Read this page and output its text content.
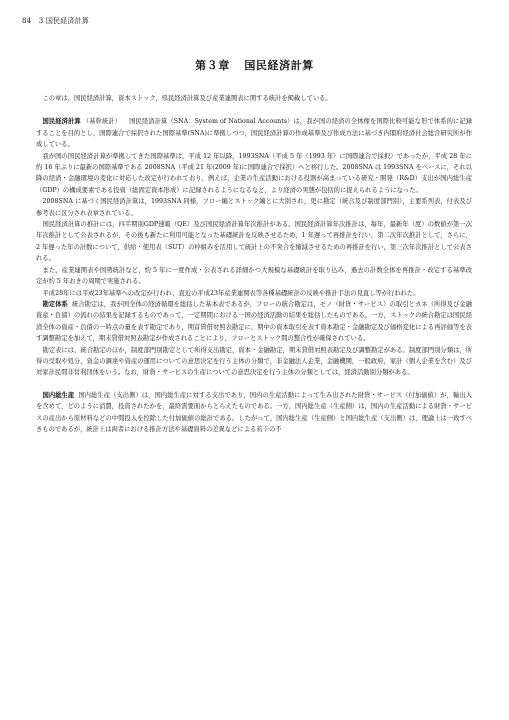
84 3 国民経済計算
第３章 国民経済計算

この章は，国民経済計算，資本ストック，県民経済計算及び産業連関表に関する統計を掲載している。

国民経済計算 （基幹統計） 国民経済計算（SNA：System of National Accounts）は，我が国の経済の全体像を国際比較可能な形で体系的に記録することを目的とし，国際連合で採択された国際基準(SNA)に準拠しつつ，国民経済計算の作成基準及び作成方法に基づき内閣府経済社会総合研究所が作成している。

我が国の国民経済計算が準拠してきた国際基準は，平成 12 年以降，1993SNA（平成 5 年（1993 年）に国際連合で採択）であったが，平成 28 年に約 16 年ぶりに最新の国際基準である 2008SNA（平成 21 年(2009 年)に国際連合で採択）へと移行した。2008SNA は 1993SNA をベースに，それ以降の経済・金融環境の変化に対応した改定が行われており，例えば，企業の生産活動における役割が高まっている研究・開発（R&D）支出が国内総生産（GDP）の構成要素である投資（総固定資本形成）に記録されるようになるなど，より経済の実態が包括的に捉えられるようになった。

2008SNA に基づく国民経済計算は，1993SNA 同様，フロー編とストック編とに大別され，更に勘定（統合及び制度部門別），主要系列表，付表及び参考表に区分され表章されている。

国民経済計算の推計には，四半期別GDP速報（QE）及び国民経済計算年次推計がある。国民経済計算年次推計は，毎年，最新年（度）の数値が第一次年次推計として公表されるが，その後も新たに利用可能となった基礎統計を反映させるため，1 年遅って再推計を行い，第二次年次推計として，さらに，2 年遅った年の計数について，供給・使用表（SUT）の枠組みを活用して統計上の不突合を縮減させるための再推計を行い，第三次年次推計として公表される。

また，産業連関表や国勢統計など，約 5 年に一度作成・公表される詳細かつ大規模な基礎統計を取り込み，過去の計数全体を再推計・改定する基準改定が約 5 年おきの周期で実施される。

平成28年には平成23年基準への改定が行われ，直近の平成23年産業連関表等各種基礎統計の反映や推計手法の見直し等が行われた。

勘定体系 統合勘定は，我が国全体の経済循環を総括した基本表であるが，フローの統合勘定は，モノ（財貨・サービス）の取引とカネ（所得及び金融資産・負債）の流れの結果を記録するものであって，一定期間における一国の経済活動の結果を総括したものである。一方，ストックの統合勘定は国民経済全体の資産・負債の一時点の量を表す勘定であり，期首貸借対照表勘定に，期中の資本取引を表す資本勘定・金融勘定及び価格変化による再評価等を表す調整勘定を加えて，期末貸借対照表勘定が作成されることにより，フローとストック間の整合性が確保されている。

勘定表には，統合勘定のほか，制度部門別勘定として所得支出勘定，資本・金融勘定，期末貸借対照表勘定及び調整勘定がある。制度部門別分類は，所得の受取や処分，資金の調達や資産の運用についての意思決定を行う主体の分類で，非金融法人企業，金融機関，一般政府，家計（個人企業を含む）及び対家計民間非営利団体をいう。なお，財貨・サービスの生産についての意思決定を行う主体の分類としては，経済活動別分類がある。

国内総生産 国内総生産（支出側）は，国内総生産に対する支出であり，国内の生産活動によって生み出された財貨・サービス（付加価値）が，輸出入を含めて，どのように消費，投資されたかを，最終需要面からとらえたものである。一方，国内総生産（生産側）は，国内の生産活動による財貨・サービスの産出から原材料などの中間投入を控除した付加価値の総計である。したがって，国内総生産（生産側）と国内総生産（支出側）は，理論上は一致すべきものであるが，統計上は両者における推計方法や基礎資料の差異などによる若干の不
